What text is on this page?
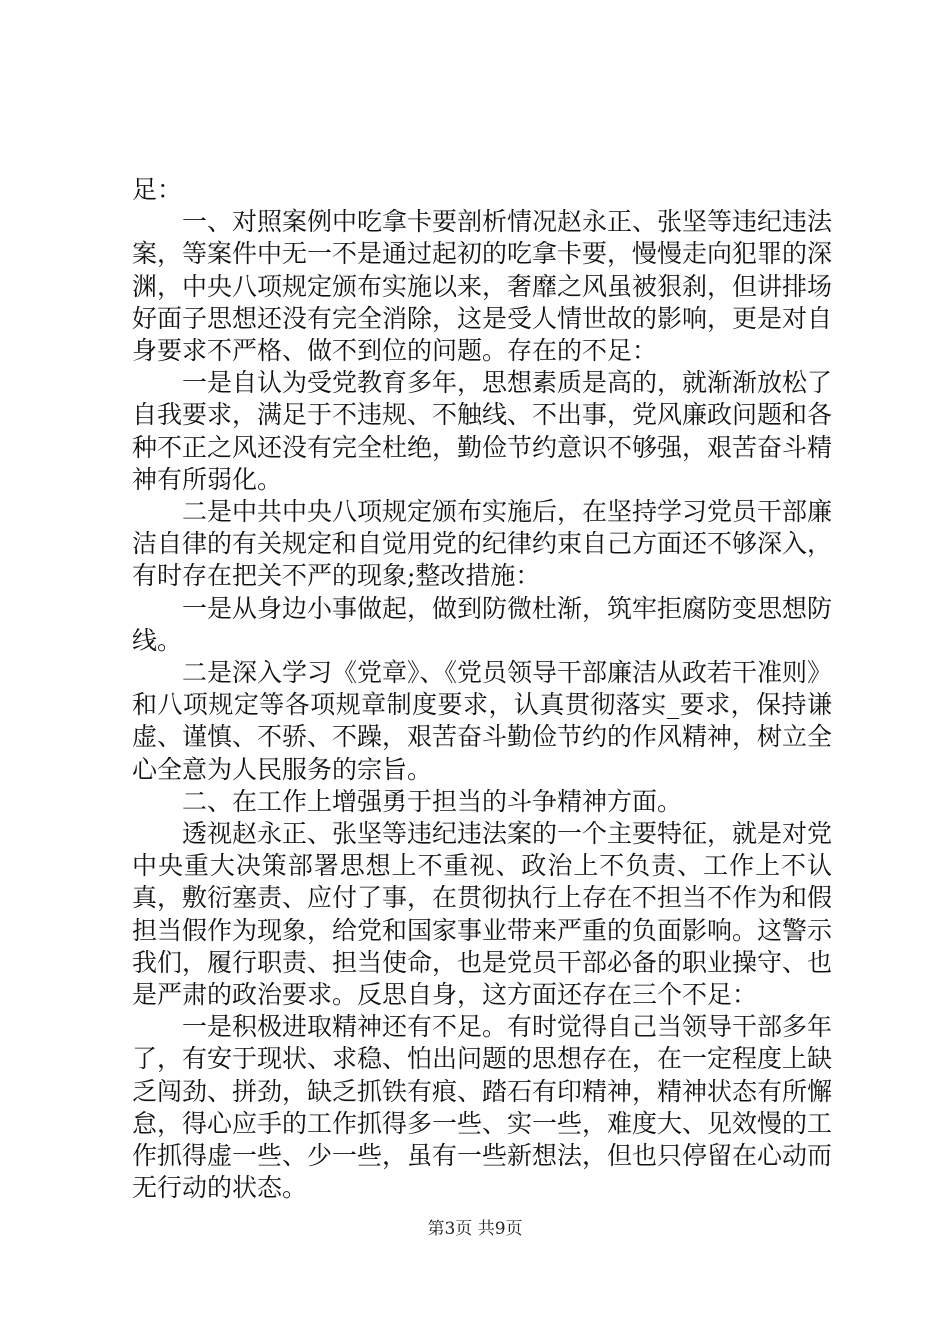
足：

一、对照案例中吃拿卡要剖析情况赵永正、张坚等违纪违法案，等案件中无一不是通过起初的吃拿卡要，慢慢走向犯罪的深渊，中央八项规定颁布实施以来，奢靡之风虽被狠刹，但讲排场好面子思想还没有完全消除，这是受人情世故的影响，更是对自身要求不严格、做不到位的问题。存在的不足：

一是自认为受党教育多年，思想素质是高的，就渐渐放松了自我要求，满足于不违规、不触线、不出事，党风廉政问题和各种不正之风还没有完全杜绝，勤俭节约意识不够强，艰苦奋斗精神有所弱化。

二是中共中央八项规定颁布实施后，在坚持学习党员干部廉洁自律的有关规定和自觉用党的纪律约束自己方面还不够深入，有时存在把关不严的现象;整改措施：

一是从身边小事做起，做到防微杜渐，筑牢拒腐防变思想防线。

二是深入学习《党章》、《党员领导干部廉洁从政若干准则》和八项规定等各项规章制度要求，认真贯彻落实_要求，保持谦虚、谨慎、不骄、不躁，艰苦奋斗勤俭节约的作风精神，树立全心全意为人民服务的宗旨。

二、在工作上增强勇于担当的斗争精神方面。

透视赵永正、张坚等违纪违法案的一个主要特征，就是对党中央重大决策部署思想上不重视、政治上不负责、工作上不认真，敷衍塞责、应付了事，在贯彻执行上存在不担当不作为和假担当假作为现象，给党和国家事业带来严重的负面影响。这警示我们，履行职责、担当使命，也是党员干部必备的职业操守、也是严肃的政治要求。反思自身，这方面还存在三个不足：

一是积极进取精神还有不足。有时觉得自己当领导干部多年了，有安于现状、求稳、怕出问题的思想存在，在一定程度上缺乏闯劲、拼劲，缺乏抓铁有痕、踏石有印精神，精神状态有所懈怠，得心应手的工作抓得多一些、实一些，难度大、见效慢的工作抓得虚一些、少一些，虽有一些新想法，但也只停留在心动而无行动的状态。

第3页 共9页
